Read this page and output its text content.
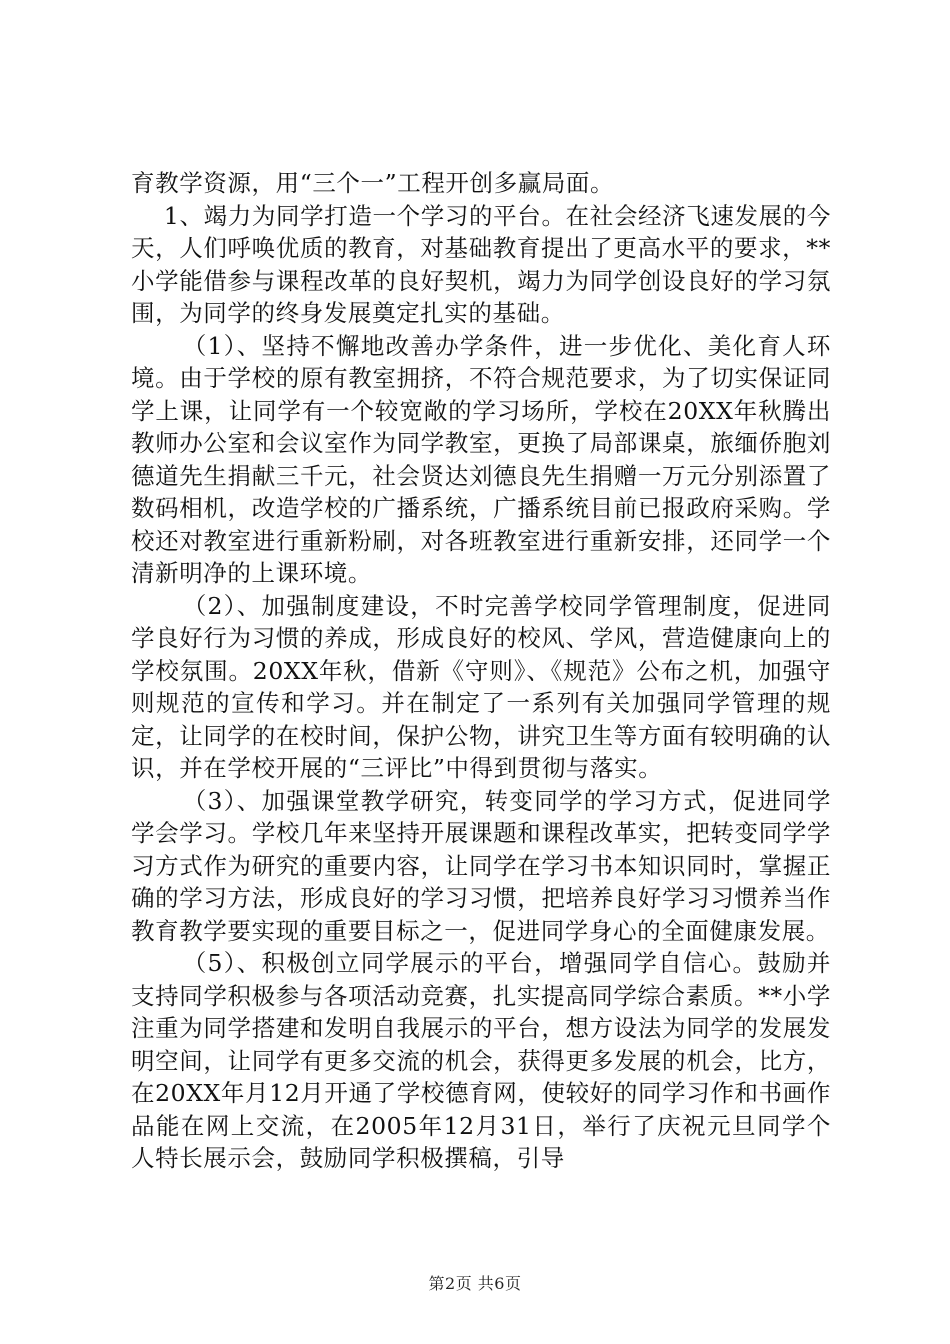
育教学资源，用“三个一”工程开创多赢局面。

1、竭力为同学打造一个学习的平台。在社会经济飞速发展的今天，人们呼唤优质的教育，对基础教育提出了更高水平的要求，**小学能借参与课程改革的良好契机，竭力为同学创设良好的学习氛围，为同学的终身发展奠定扎实的基础。

（1）、坚持不懈地改善办学条件，进一步优化、美化育人环境。由于学校的原有教室拥挤，不符合规范要求，为了切实保证同学上课，让同学有一个较宽敞的学习场所，学校在20XX年秋腾出教师办公室和会议室作为同学教室，更换了局部课桌，旅缅侨胞刘德道先生捐献三千元，社会贤达刘德良先生捐赠一万元分别添置了数码相机，改造学校的广播系统，广播系统目前已报政府采购。学校还对教室进行重新粉刷，对各班教室进行重新安排，还同学一个清新明净的上课环境。

（2）、加强制度建设，不时完善学校同学管理制度，促进同学良好行为习惯的养成，形成良好的校风、学风，营造健康向上的学校氛围。20XX年秋，借新《守则》、《规范》公布之机，加强守则规范的宣传和学习。并在制定了一系列有关加强同学管理的规定，让同学的在校时间，保护公物，讲究卫生等方面有较明确的认识，并在学校开展的“三评比”中得到贯彻与落实。

（3）、加强课堂教学研究，转变同学的学习方式，促进同学学会学习。学校几年来坚持开展课题和课程改革实，把转变同学学习方式作为研究的重要内容，让同学在学习书本知识同时，掌握正确的学习方法，形成良好的学习习惯，把培养良好学习习惯养当作教育教学要实现的重要目标之一，促进同学身心的全面健康发展。

（5）、积极创立同学展示的平台，增强同学自信心。鼓励并支持同学积极参与各项活动竞赛，扎实提高同学综合素质。**小学注重为同学搭建和发明自我展示的平台，想方设法为同学的发展发明空间，让同学有更多交流的机会，获得更多发展的机会，比方，在20XX年月12月开通了学校德育网，使较好的同学习作和书画作品能在网上交流，在2005年12月31日，举行了庆祝元旦同学个人特长展示会，鼓励同学积极撰稿，引导

第2页 共6页
